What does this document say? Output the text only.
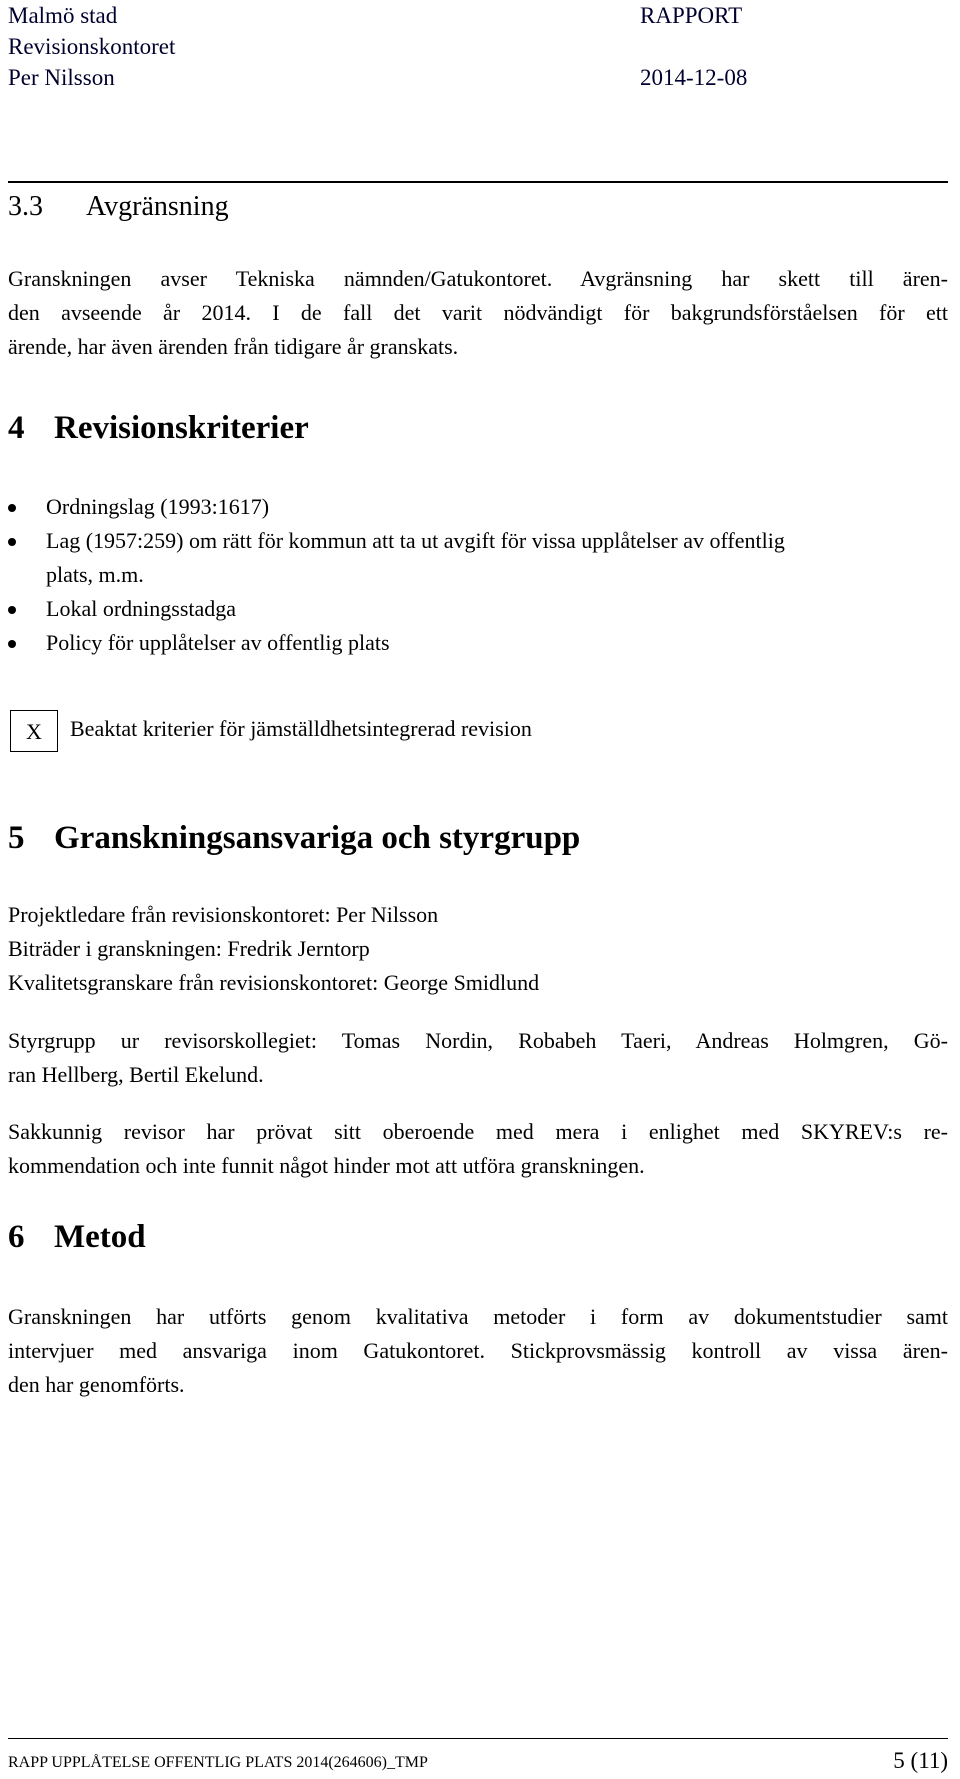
Malmö stad	RAPPORT
Revisionskontoret
Per Nilsson	2014-12-08
3.3 Avgränsning
Granskningen avser Tekniska nämnden/Gatukontoret. Avgränsning har skett till ären-
den avseende år 2014. I de fall det varit nödvändigt för bakgrundsförståelsen för ett
ärende, har även ärenden från tidigare år granskats.
4 Revisionskriterier
Ordningslag (1993:1617)
Lag (1957:259) om rätt för kommun att ta ut avgift för vissa upplåtelser av offentlig
plats, m.m.
Lokal ordningsstadga
Policy för upplåtelser av offentlig plats
X	Beaktat kriterier för jämställdhetsintegrerad revision
5 Granskningsansvariga och styrgrupp
Projektledare från revisionskontoret: Per Nilsson
Biträder i granskningen: Fredrik Jerntorp
Kvalitetsgranskare från revisionskontoret: George Smidlund
Styrgrupp ur revisorskollegiet: Tomas Nordin, Robabeh Taeri, Andreas Holmgren, Gö-
ran Hellberg, Bertil Ekelund.
Sakkunnig revisor har prövat sitt oberoende med mera i enlighet med SKYREV:s re-
kommendation och inte funnit något hinder mot att utföra granskningen.
6 Metod
Granskningen har utförts genom kvalitativa metoder i form av dokumentstudier samt
intervjuer med ansvariga inom Gatukontoret. Stickprovsmässig kontroll av vissa ären-
den har genomförts.
RAPP UPPLÅTELSE OFFENTLIG PLATS 2014(264606)_TMP	5 (11)
